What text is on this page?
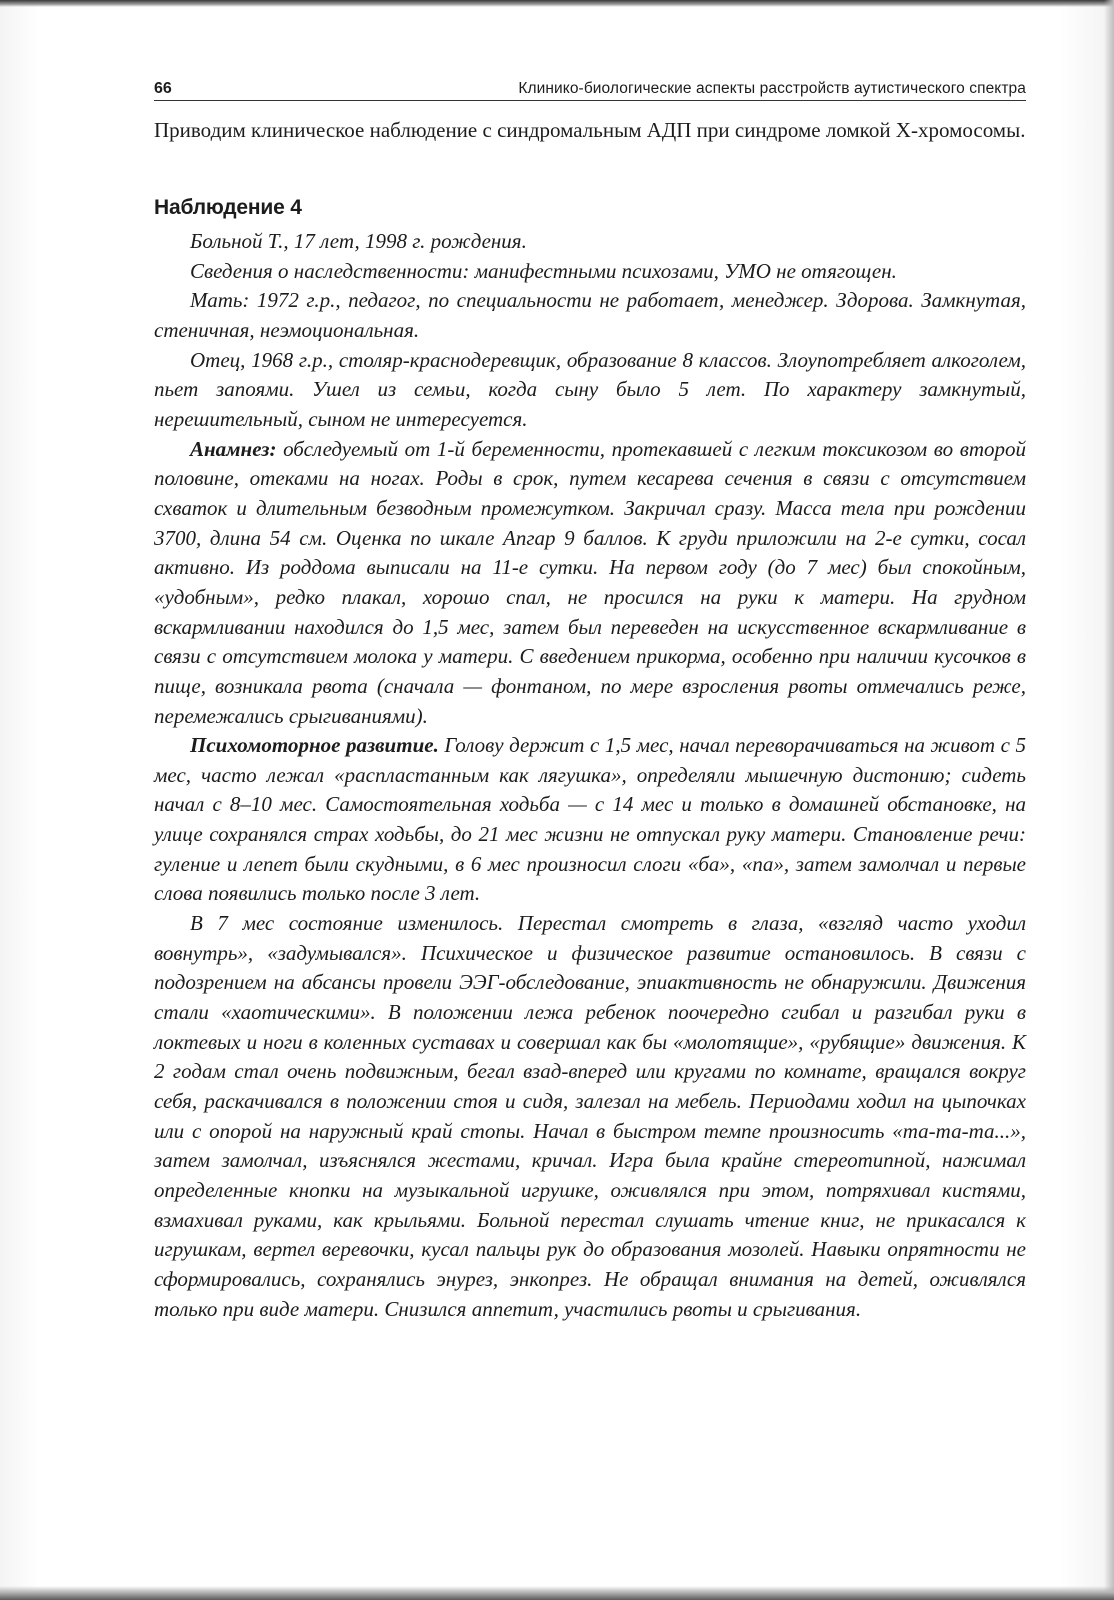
66	Клинико-биологические аспекты расстройств аутистического спектра

Приводим клиническое наблюдение с синдромальным АДП при синдроме ломкой Х-хромосомы.

Наблюдение 4

Больной Т., 17 лет, 1998 г. рождения.

Сведения о наследственности: манифестными психозами, УМО не отягощен.

Мать: 1972 г.р., педагог, по специальности не работает, менеджер. Здорова. Замкнутая, стеничная, неэмоциональная.

Отец, 1968 г.р., столяр-краснодеревщик, образование 8 классов. Злоупотребляет алкоголем, пьет запоями. Ушел из семьи, когда сыну было 5 лет. По характеру замкнутый, нерешительный, сыном не интересуется.

Анамнез: обследуемый от 1-й беременности, протекавшей с легким токсикозом во второй половине, отеками на ногах. Роды в срок, путем кесарева сечения в связи с отсутствием схваток и длительным безводным промежутком. Закричал сразу. Масса тела при рождении 3700, длина 54 см. Оценка по шкале Апгар 9 баллов. К груди приложили на 2-е сутки, сосал активно. Из роддома выписали на 11-е сутки. На первом году (до 7 мес) был спокойным, «удобным», редко плакал, хорошо спал, не просился на руки к матери. На грудном вскармливании находился до 1,5 мес, затем был переведен на искусственное вскармливание в связи с отсутствием молока у матери. С введением прикорма, особенно при наличии кусочков в пище, возникала рвота (сначала — фонтаном, по мере взросления рвоты отмечались реже, перемежались срыгиваниями).

Психомоторное развитие. Голову держит с 1,5 мес, начал переворачиваться на живот с 5 мес, часто лежал «распластанным как лягушка», определяли мышечную дистонию; сидеть начал с 8–10 мес. Самостоятельная ходьба — с 14 мес и только в домашней обстановке, на улице сохранялся страх ходьбы, до 21 мес жизни не отпускал руку матери. Становление речи: гуление и лепет были скудными, в 6 мес произносил слоги «ба», «па», затем замолчал и первые слова появились только после 3 лет.

В 7 мес состояние изменилось. Перестал смотреть в глаза, «взгляд часто уходил вовнутрь», «задумывался». Психическое и физическое развитие остановилось. В связи с подозрением на абсансы провели ЭЭГ-обследование, эпиактивность не обнаружили. Движения стали «хаотическими». В положении лежа ребенок поочередно сгибал и разгибал руки в локтевых и ноги в коленных суставах и совершал как бы «молотящие», «рубящие» движения. К 2 годам стал очень подвижным, бегал взад-вперед или кругами по комнате, вращался вокруг себя, раскачивался в положении стоя и сидя, залезал на мебель. Периодами ходил на цыпочках или с опорой на наружный край стопы. Начал в быстром темпе произносить «та-та-та...», затем замолчал, изъяснялся жестами, кричал. Игра была крайне стереотипной, нажимал определенные кнопки на музыкальной игрушке, оживлялся при этом, потряхивал кистями, взмахивал руками, как крыльями. Больной перестал слушать чтение книг, не прикасался к игрушкам, вертел веревочки, кусал пальцы рук до образования мозолей. Навыки опрятности не сформировались, сохранялись энурез, энкопрез. Не обращал внимания на детей, оживлялся только при виде матери. Снизился аппетит, участились рвоты и срыгивания.
